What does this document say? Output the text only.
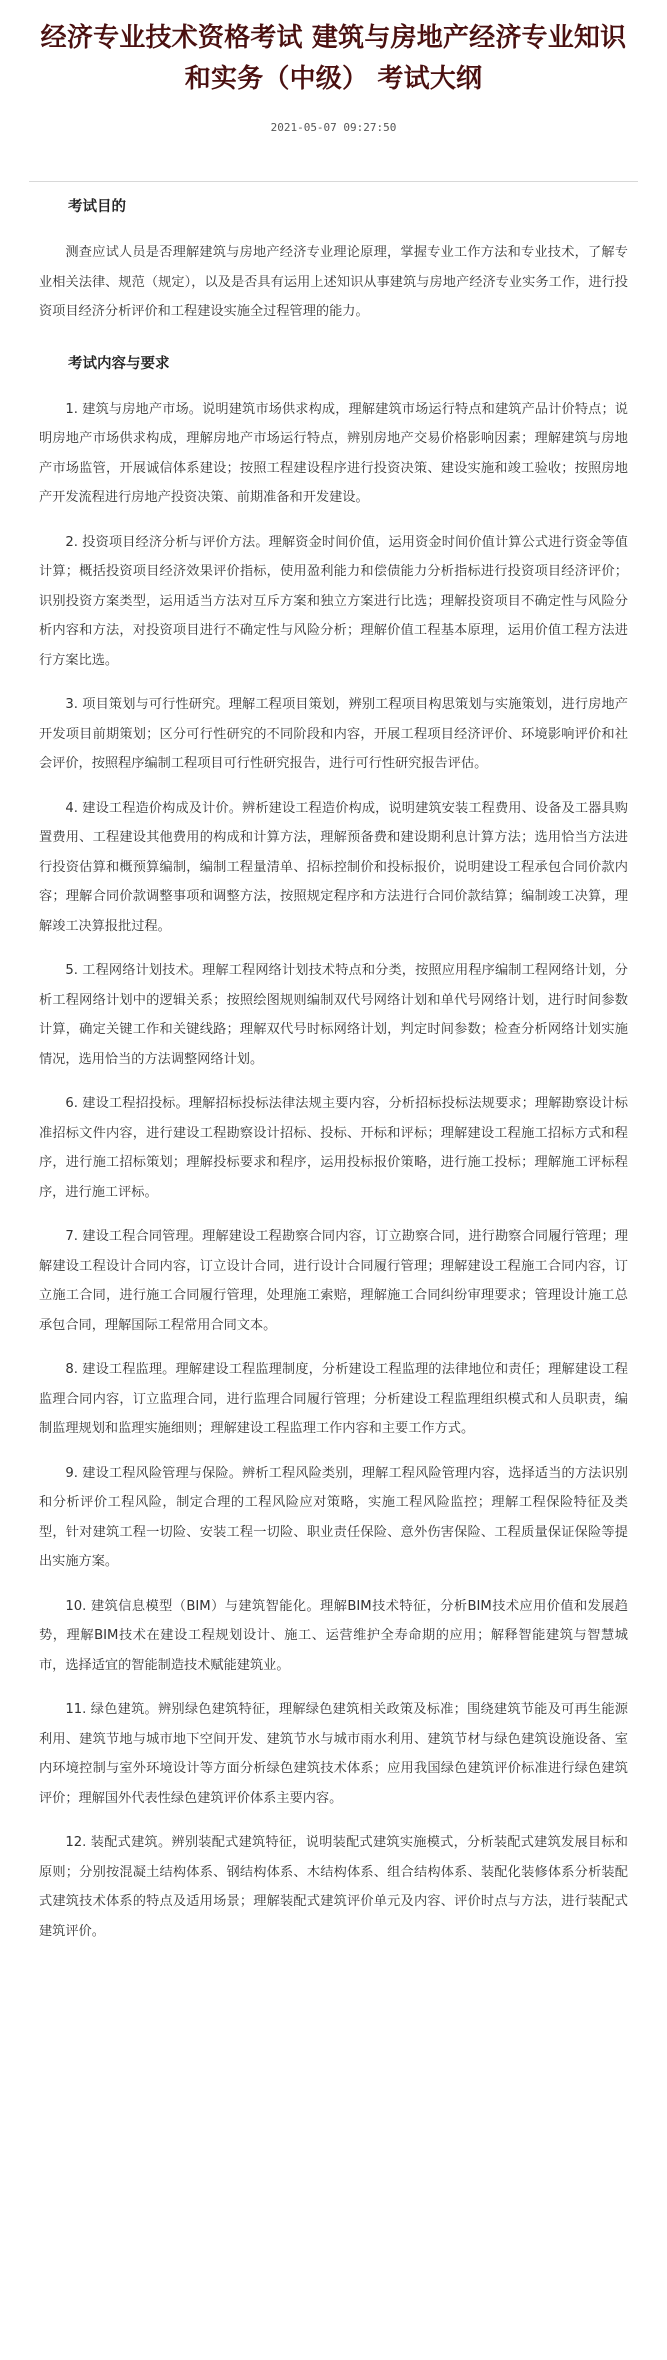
经济专业技术资格考试 建筑与房地产经济专业知识和实务（中级） 考试大纲
2021-05-07 09:27:50
考试目的

测查应试人员是否理解建筑与房地产经济专业理论原理，掌握专业工作方法和专业技术，了解专业相关法律、规范（规定），以及是否具有运用上述知识从事建筑与房地产经济专业实务工作，进行投资项目经济分析评价和工程建设实施全过程管理的能力。

考试内容与要求

1. 建筑与房地产市场。说明建筑市场供求构成，理解建筑市场运行特点和建筑产品计价特点；说明房地产市场供求构成，理解房地产市场运行特点，辨别房地产交易价格影响因素；理解建筑与房地产市场监管，开展诚信体系建设；按照工程建设程序进行投资决策、建设实施和竣工验收；按照房地产开发流程进行房地产投资决策、前期准备和开发建设。

2. 投资项目经济分析与评价方法。理解资金时间价值，运用资金时间价值计算公式进行资金等值计算；概括投资项目经济效果评价指标，使用盈利能力和偿债能力分析指标进行投资项目经济评价；识别投资方案类型，运用适当方法对互斥方案和独立方案进行比选；理解投资项目不确定性与风险分析内容和方法，对投资项目进行不确定性与风险分析；理解价值工程基本原理，运用价值工程方法进行方案比选。

3. 项目策划与可行性研究。理解工程项目策划，辨别工程项目构思策划与实施策划，进行房地产开发项目前期策划；区分可行性研究的不同阶段和内容，开展工程项目经济评价、环境影响评价和社会评价，按照程序编制工程项目可行性研究报告，进行可行性研究报告评估。

4. 建设工程造价构成及计价。辨析建设工程造价构成，说明建筑安装工程费用、设备及工器具购置费用、工程建设其他费用的构成和计算方法，理解预备费和建设期利息计算方法；选用恰当方法进行投资估算和概预算编制，编制工程量清单、招标控制价和投标报价，说明建设工程承包合同价款内容；理解合同价款调整事项和调整方法，按照规定程序和方法进行合同价款结算；编制竣工决算，理解竣工决算报批过程。

5. 工程网络计划技术。理解工程网络计划技术特点和分类，按照应用程序编制工程网络计划，分析工程网络计划中的逻辑关系；按照绘图规则编制双代号网络计划和单代号网络计划，进行时间参数计算，确定关键工作和关键线路；理解双代号时标网络计划，判定时间参数；检查分析网络计划实施情况，选用恰当的方法调整网络计划。

6. 建设工程招投标。理解招标投标法律法规主要内容，分析招标投标法规要求；理解勘察设计标准招标文件内容，进行建设工程勘察设计招标、投标、开标和评标；理解建设工程施工招标方式和程序，进行施工招标策划；理解投标要求和程序，运用投标报价策略，进行施工投标；理解施工评标程序，进行施工评标。

7. 建设工程合同管理。理解建设工程勘察合同内容，订立勘察合同，进行勘察合同履行管理；理解建设工程设计合同内容，订立设计合同，进行设计合同履行管理；理解建设工程施工合同内容，订立施工合同，进行施工合同履行管理，处理施工索赔，理解施工合同纠纷审理要求；管理设计施工总承包合同，理解国际工程常用合同文本。

8. 建设工程监理。理解建设工程监理制度，分析建设工程监理的法律地位和责任；理解建设工程监理合同内容，订立监理合同，进行监理合同履行管理；分析建设工程监理组织模式和人员职责，编制监理规划和监理实施细则；理解建设工程监理工作内容和主要工作方式。

9. 建设工程风险管理与保险。辨析工程风险类别，理解工程风险管理内容，选择适当的方法识别和分析评价工程风险，制定合理的工程风险应对策略，实施工程风险监控；理解工程保险特征及类型，针对建筑工程一切险、安装工程一切险、职业责任保险、意外伤害保险、工程质量保证保险等提出实施方案。

10. 建筑信息模型（BIM）与建筑智能化。理解BIM技术特征，分析BIM技术应用价值和发展趋势，理解BIM技术在建设工程规划设计、施工、运营维护全寿命期的应用；解释智能建筑与智慧城市，选择适宜的智能制造技术赋能建筑业。

11. 绿色建筑。辨别绿色建筑特征，理解绿色建筑相关政策及标准；围绕建筑节能及可再生能源利用、建筑节地与城市地下空间开发、建筑节水与城市雨水利用、建筑节材与绿色建筑设施设备、室内环境控制与室外环境设计等方面分析绿色建筑技术体系；应用我国绿色建筑评价标准进行绿色建筑评价；理解国外代表性绿色建筑评价体系主要内容。

12. 装配式建筑。辨别装配式建筑特征，说明装配式建筑实施模式，分析装配式建筑发展目标和原则；分别按混凝土结构体系、钢结构体系、木结构体系、组合结构体系、装配化装修体系分析装配式建筑技术体系的特点及适用场景；理解装配式建筑评价单元及内容、评价时点与方法，进行装配式建筑评价。
